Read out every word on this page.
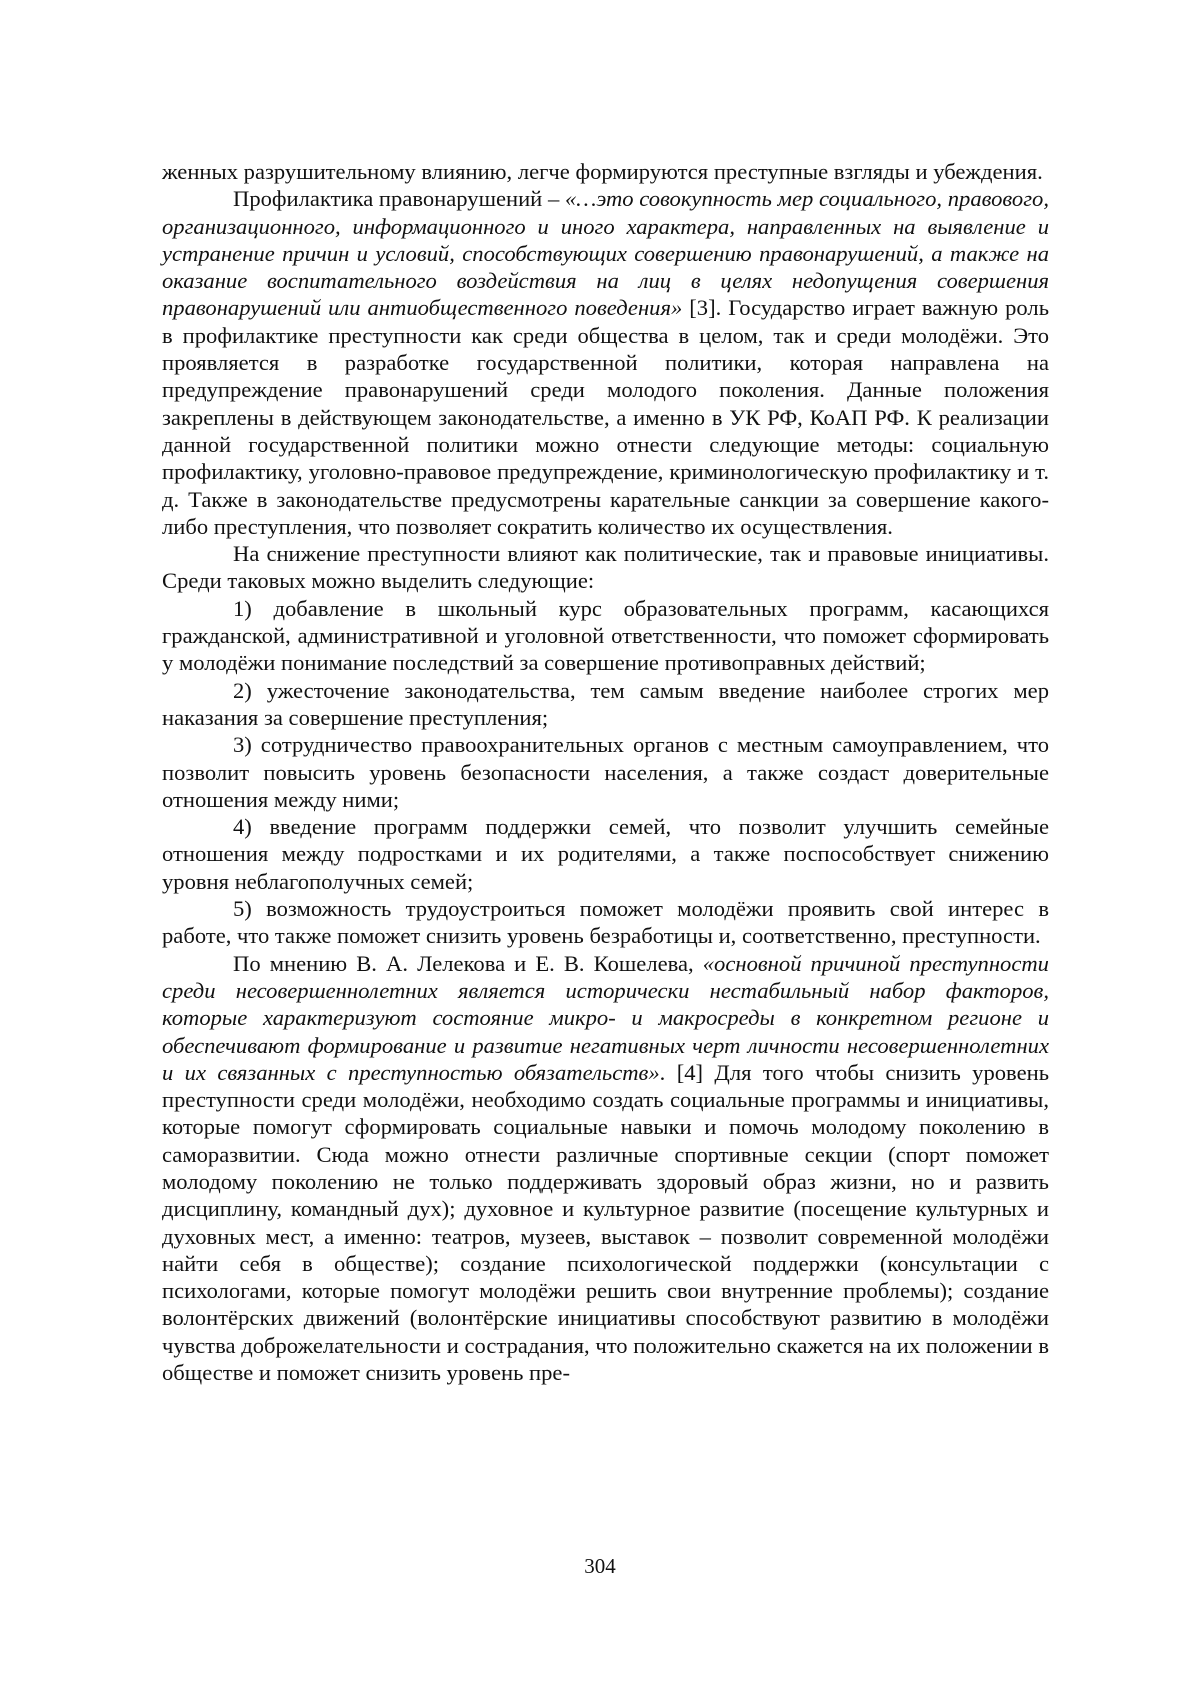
женных разрушительному влиянию, легче формируются преступные взгляды и убеждения.

Профилактика правонарушений – «…это совокупность мер социального, правового, организационного, информационного и иного характера, направленных на выявление и устранение причин и условий, способствующих совершению правонарушений, а также на оказание воспитательного воздействия на лиц в целях недопущения совершения правонарушений или антиобщественного поведения» [3]. Государство играет важную роль в профилактике преступности как среди общества в целом, так и среди молодёжи. Это проявляется в разработке государственной политики, которая направлена на предупреждение правонарушений среди молодого поколения. Данные положения закреплены в действующем законодательстве, а именно в УК РФ, КоАП РФ. К реализации данной государственной политики можно отнести следующие методы: социальную профилактику, уголовно-правовое предупреждение, криминологическую профилактику и т. д. Также в законодательстве предусмотрены карательные санкции за совершение какого-либо преступления, что позволяет сократить количество их осуществления.

На снижение преступности влияют как политические, так и правовые инициативы. Среди таковых можно выделить следующие:

1) добавление в школьный курс образовательных программ, касающихся гражданской, административной и уголовной ответственности, что поможет сформировать у молодёжи понимание последствий за совершение противоправных действий;

2) ужесточение законодательства, тем самым введение наиболее строгих мер наказания за совершение преступления;

3) сотрудничество правоохранительных органов с местным самоуправлением, что позволит повысить уровень безопасности населения, а также создаст доверительные отношения между ними;

4) введение программ поддержки семей, что позволит улучшить семейные отношения между подростками и их родителями, а также поспособствует снижению уровня неблагополучных семей;

5) возможность трудоустроиться поможет молодёжи проявить свой интерес в работе, что также поможет снизить уровень безработицы и, соответственно, преступности.

По мнению В. А. Лелекова и Е. В. Кошелева, «основной причиной преступности среди несовершеннолетних является исторически нестабильный набор факторов, которые характеризуют состояние микро- и макросреды в конкретном регионе и обеспечивают формирование и развитие негативных черт личности несовершеннолетних и их связанных с преступностью обязательств». [4] Для того чтобы снизить уровень преступности среди молодёжи, необходимо создать социальные программы и инициативы, которые помогут сформировать социальные навыки и помочь молодому поколению в саморазвитии. Сюда можно отнести различные спортивные секции (спорт поможет молодому поколению не только поддерживать здоровый образ жизни, но и развить дисциплину, командный дух); духовное и культурное развитие (посещение культурных и духовных мест, а именно: театров, музеев, выставок – позволит современной молодёжи найти себя в обществе); создание психологической поддержки (консультации с психологами, которые помогут молодёжи решить свои внутренние проблемы); создание волонтёрских движений (волонтёрские инициативы способствуют развитию в молодёжи чувства доброжелательности и сострадания, что положительно скажется на их положении в обществе и поможет снизить уровень пре-

304
